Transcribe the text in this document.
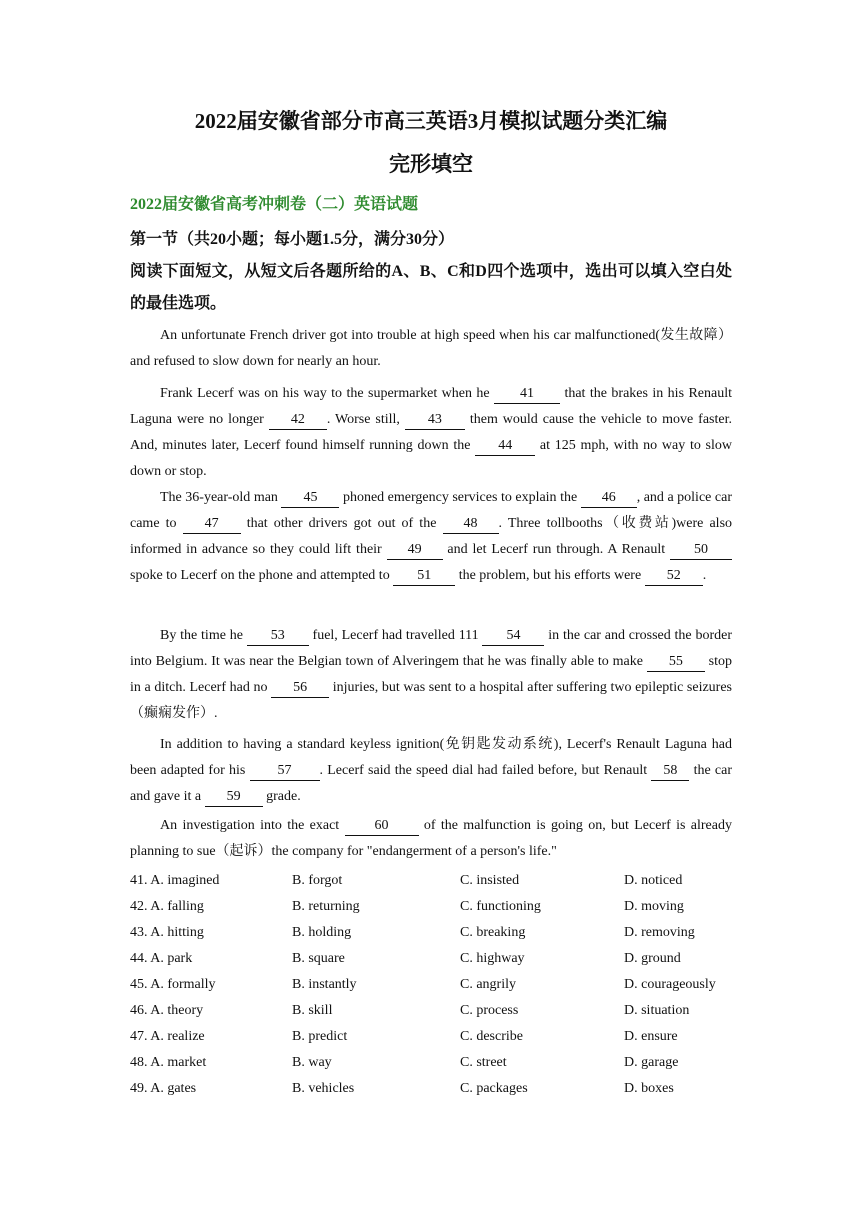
2022届安徽省部分市高三英语3月模拟试题分类汇编
完形填空
2022届安徽省高考冲刺卷（二）英语试题
第一节（共20小题；每小题1.5分，满分30分）
阅读下面短文，从短文后各题所给的A、B、C和D四个选项中，选出可以填入空白处的最佳选项。
An unfortunate French driver got into trouble at high speed when his car malfunctioned(发生故障）and refused to slow down for nearly an hour.
Frank Lecerf was on his way to the supermarket when he 41 that the brakes in his Renault Laguna were no longer 42 . Worse still, 43 them would cause the vehicle to move faster. And, minutes later, Lecerf found himself running down the 44 at 125 mph, with no way to slow down or stop.
The 36-year-old man 45 phoned emergency services to explain the 46 , and a police car came to 47 that other drivers got out of the 48 . Three tollbooths（收费站)were also informed in advance so they could lift their 49 and let Lecerf run through. A Renault 50 spoke to Lecerf on the phone and attempted to 51 the problem, but his efforts were 52 .
By the time he 53 fuel, Lecerf had travelled 111 54 in the car and crossed the border into Belgium. It was near the Belgian town of Alveringem that he was finally able to make 55 stop in a ditch. Lecerf had no 56 injuries, but was sent to a hospital after suffering two epileptic seizures（癫痫发作）.
In addition to having a standard keyless ignition(免钥匙发动系统), Lecerf's Renault Laguna had been adapted for his 57 . Lecerf said the speed dial had failed before, but Renault 58 the car and gave it a 59 grade.
An investigation into the exact 60 of the malfunction is going on, but Lecerf is already planning to sue（起诉）the company for "endangerment of a person's life."
41. A. imagined	B. forgot	C. insisted	D. noticed
42. A. falling	B. returning	C. functioning	D. moving
43. A. hitting	B. holding	C. breaking	D. removing
44. A. park	B. square	C. highway	D. ground
45. A. formally	B. instantly	C. angrily	D. courageously
46. A. theory	B. skill	C. process	D. situation
47. A. realize	B. predict	C. describe	D. ensure
48. A. market	B. way	C. street	D. garage
49. A. gates	B. vehicles	C. packages	D. boxes
